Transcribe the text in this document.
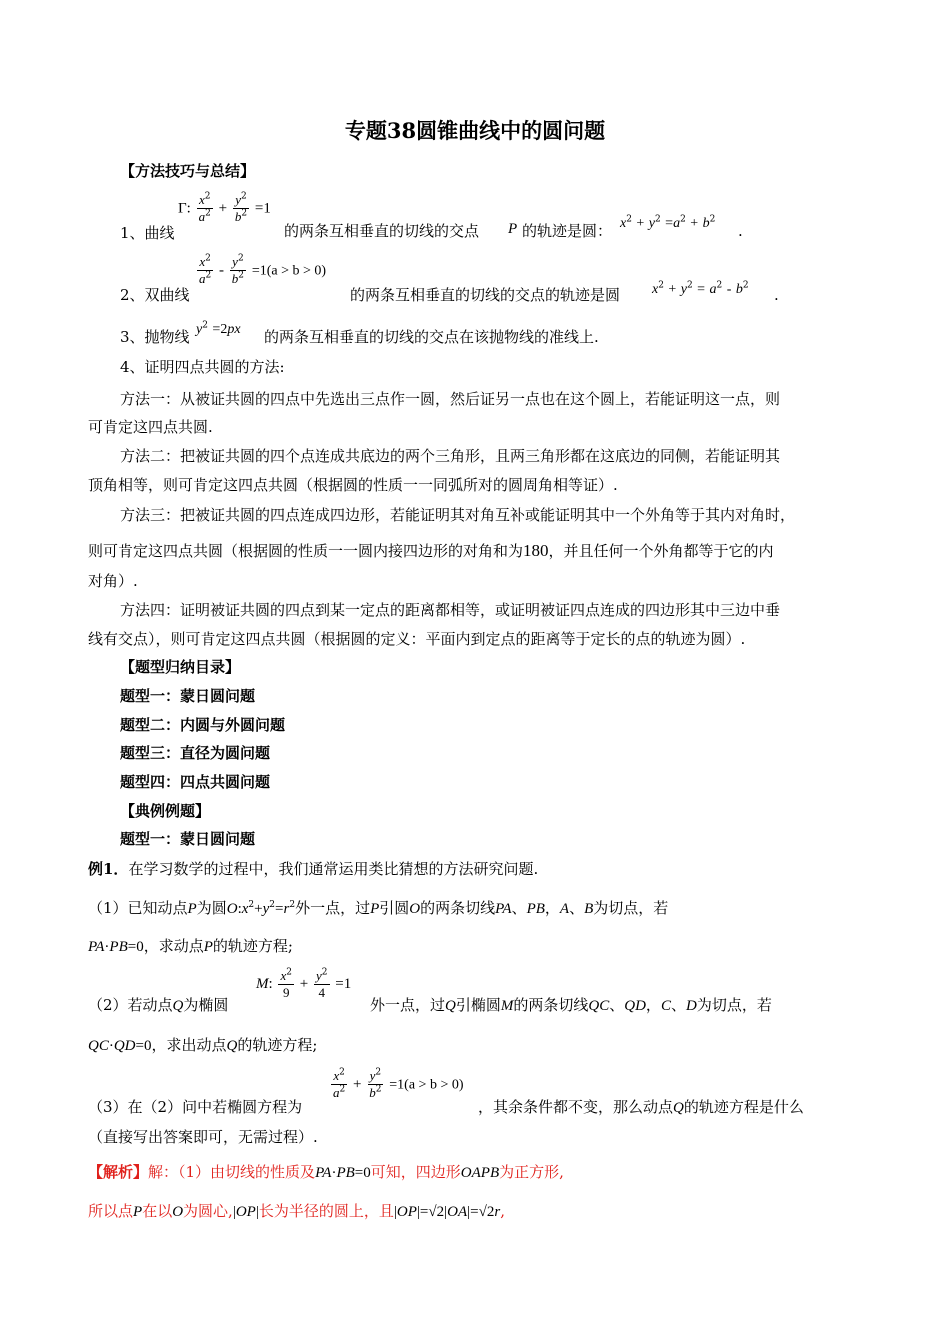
专题38圆锥曲线中的圆问题
【方法技巧与总结】
1、曲线
Γ: $\frac{x^2}{a^2} + \frac{y^2}{b^2} =1$
的两条互相垂直的切线的交点 P 的轨迹是圆： $x^2 + y^2 =a^2 + b^2$
.
2、双曲线
$\frac{x^2}{a^2} - \frac{y^2}{b^2} =1(a > b > 0)$
的两条互相垂直的切线的交点的轨迹是圆 $x^2 + y^2 = a^2 - b^2$
.
3、抛物线 $y^2 =2px$ 的两条互相垂直的切线的交点在该抛物线的准线上.
4、证明四点共圆的方法:
方法一：从被证共圆的四点中先选出三点作一圆，然后证另一点也在这个圆上，若能证明这一点，则
可肯定这四点共圆.
方法二：把被证共圆的四个点连成共底边的两个三角形，且两三角形都在这底边的同侧，若能证明其
顶角相等，则可肯定这四点共圆（根据圆的性质一一同弧所对的圆周角相等证）.
方法三：把被证共圆的四点连成四边形，若能证明其对角互补或能证明其中一个外角等于其内对角时，
则可肯定这四点共圆（根据圆的性质一一圆内接四边形的对角和为180，并且任何一个外角都等于它的内
对角）.
方法四：证明被证共圆的四点到某一定点的距离都相等，或证明被证四点连成的四边形其中三边中垂
线有交点），则可肯定这四点共圆（根据圆的定义：平面内到定点的距离等于定长的点的轨迹为圆）.
【题型归纳目录】
题型一：蒙日圆问题
题型二：内圆与外圆问题
题型三：直径为圆问题
题型四：四点共圆问题
【典例例题】
题型一：蒙日圆问题
例1．在学习数学的过程中，我们通常运用类比猜想的方法研究问题.
（1）已知动点P为圆$O:x^2+y^2=r^2$外一点，过P引圆O的两条切线PA、PB，A、B为切点，若
PA·PB=0，求动点P的轨迹方程;
（2）若动点Q为椭圆
M: $\frac{x^2}{9} + \frac{y^2}{4} =1$
外一点，过Q引椭圆M的两条切线QC、QD，C、D为切点，若
QC·QD=0，求出动点Q的轨迹方程;
（3）在（2）问中若椭圆方程为
$\frac{x^2}{a^2} + \frac{y^2}{b^2} =1(a > b > 0)$
，其余条件都不变，那么动点Q的轨迹方程是什么
（直接写出答案即可，无需过程）.
【解析】解：（1）由切线的性质及PA·PB=0可知，四边形OAPB为正方形,
所以点P在以O为圆心,|OP|长为半径的圆上，且|OP|=√2|OA|=√2r,
